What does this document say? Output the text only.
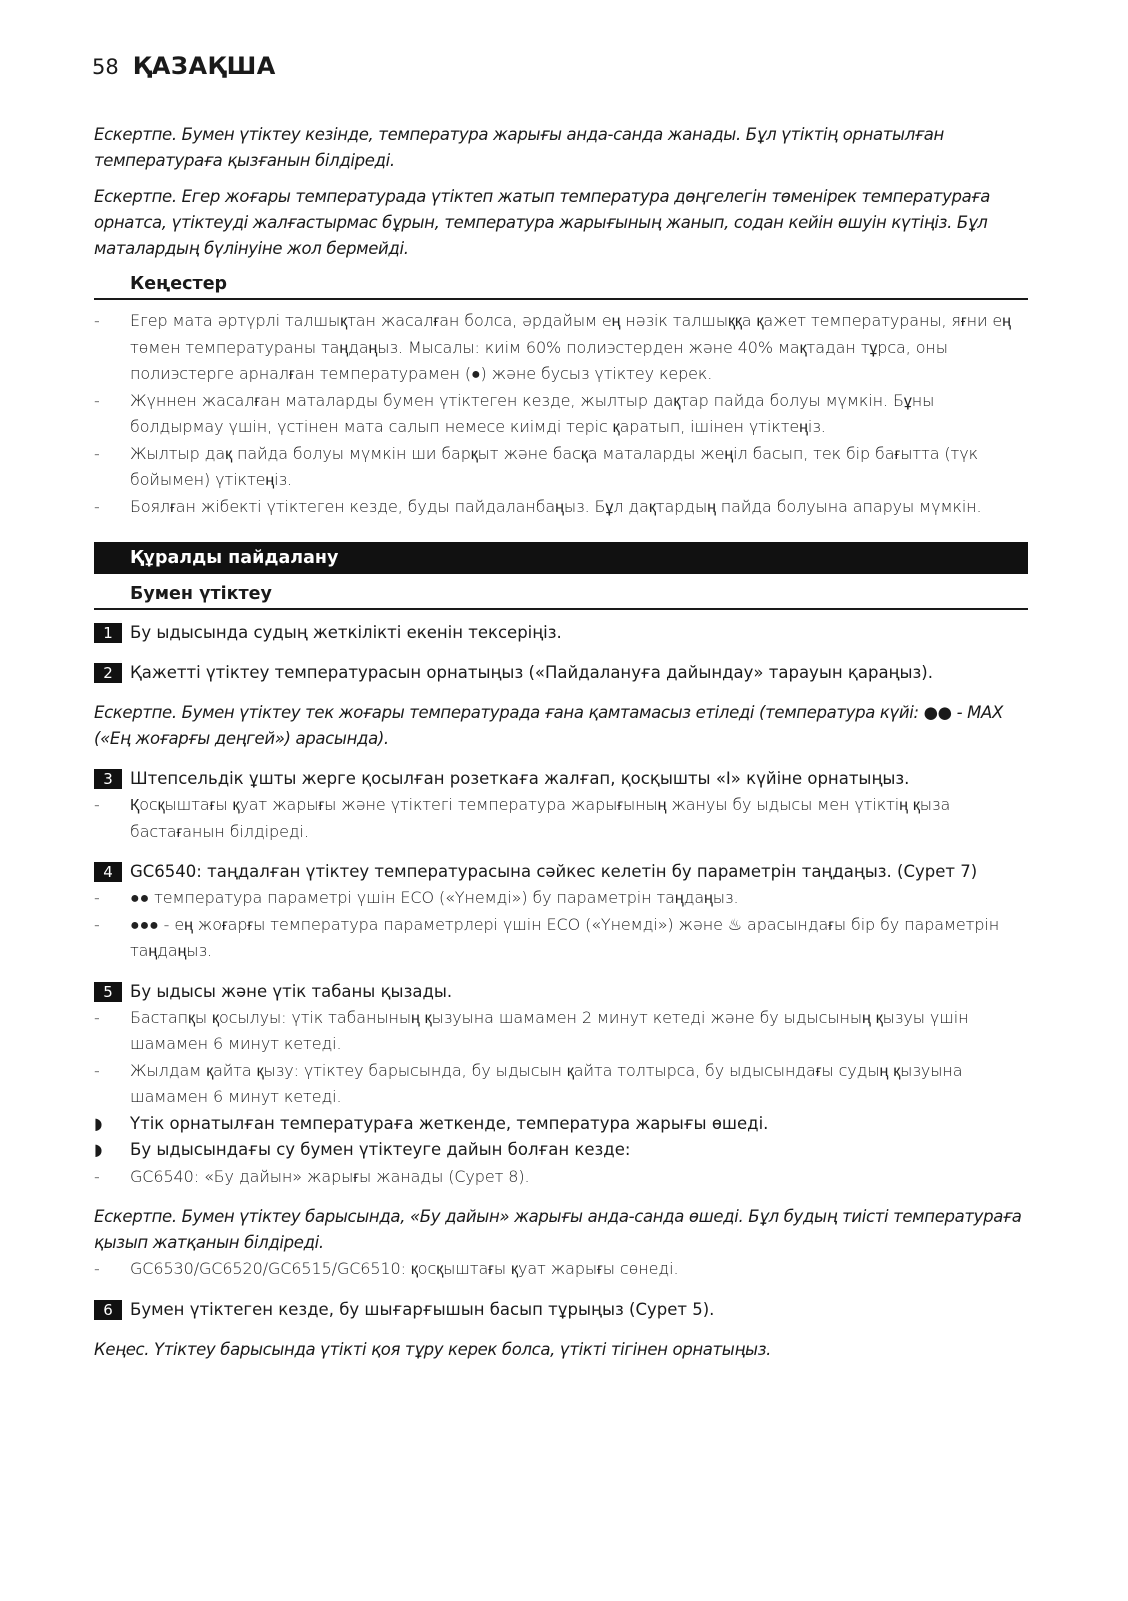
58 ҚАЗАҚША

Ескертпе. Бумен үтіктеу кезінде, температура жарығы анда-санда жанады. Бұл үтіктің орнатылған температураға қызғанын білдіреді.

Ескертпе. Егер жоғары температурада үтіктеп жатып температура дөңгелегін төменірек температураға орнатса, үтіктеуді жалғастырмас бұрын, температура жарығының жанып, содан кейін өшуін күтіңіз. Бұл маталардың бүлінуіне жол бермейді.

Кеңестер
- Егер мата әртүрлі талшықтан жасалған болса, әрдайым ең нәзік талшыққа қажет температураны, яғни ең төмен температураны таңдаңыз. Мысалы: киім 60% полиэстерден және 40% мақтадан тұрса, оны полиэстерге арналған температурамен (●) және бусыз үтіктеу керек.
- Жүннен жасалған маталарды бумен үтіктеген кезде, жылтыр дақтар пайда болуы мүмкін. Бұны болдырмау үшін, үстінен мата салып немесе киімді теріс қаратып, ішінен үтіктеңіз.
- Жылтыр дақ пайда болуы мүмкін ши барқыт және басқа маталарды жеңіл басып, тек бір бағытта (түк бойымен) үтіктеңіз.
- Боялған жібекті үтіктеген кезде, буды пайдаланбаңыз. Бұл дақтардың пайда болуына апаруы мүмкін.
Құралды пайдалану
Бумен үтіктеу
1	Бу ыдысында судың жеткілікті екенін тексеріңіз.
2	Қажетті үтіктеу температурасын орнатыңыз («Пайдалануға дайындау» тарауын қараңыз).

Ескертпе. Бумен үтіктеу тек жоғары температурада ғана қамтамасыз етіледі (температура күйі: ●● - MAX («Ең жоғарғы деңгей») арасында).

3	Штепсельдік ұшты жерге қосылған розеткаға жалғап, қосқышты «I» күйіне орнатыңыз.
- Қосқыштағы қуат жарығы және үтіктегі температура жарығының жануы бу ыдысы мен үтіктің қыза бастағанын білдіреді.
4	GC6540: таңдалған үтіктеу температурасына сәйкес келетін бу параметрін таңдаңыз. (Сурет 7)
- ●● температура параметрі үшін ECO («Үнемді») бу параметрін таңдаңыз.
- ●●● - ең жоғарғы температура параметрлері үшін ECO («Үнемді») және ♨ арасындағы бір бу параметрін таңдаңыз.
5	Бу ыдысы және үтік табаны қызады.
- Бастапқы қосылуы: үтік табанының қызуына шамамен 2 минут кетеді және бу ыдысының қызуы үшін шамамен 6 минут кетеді.
- Жылдам қайта қызу: үтіктеу барысында, бу ыдысын қайта толтырса, бу ыдысындағы судың қызуына шамамен 6 минут кетеді.
◗ Үтік орнатылған температураға жеткенде, температура жарығы өшеді.
◗ Бу ыдысындағы су бумен үтіктеуге дайын болған кезде:
- GC6540: «Бу дайын» жарығы жанады (Сурет 8).

Ескертпе. Бумен үтіктеу барысында, «Бу дайын» жарығы анда-санда өшеді. Бұл будың тиісті температураға қызып жатқанын білдіреді.

- GC6530/GC6520/GC6515/GC6510: қосқыштағы қуат жарығы сөнеді.
6	Бумен үтіктеген кезде, бу шығарғышын басып тұрыңыз (Сурет 5).

Кеңес. Үтіктеу барысында үтікті қоя тұру керек болса, үтікті тігінен орнатыңыз.
